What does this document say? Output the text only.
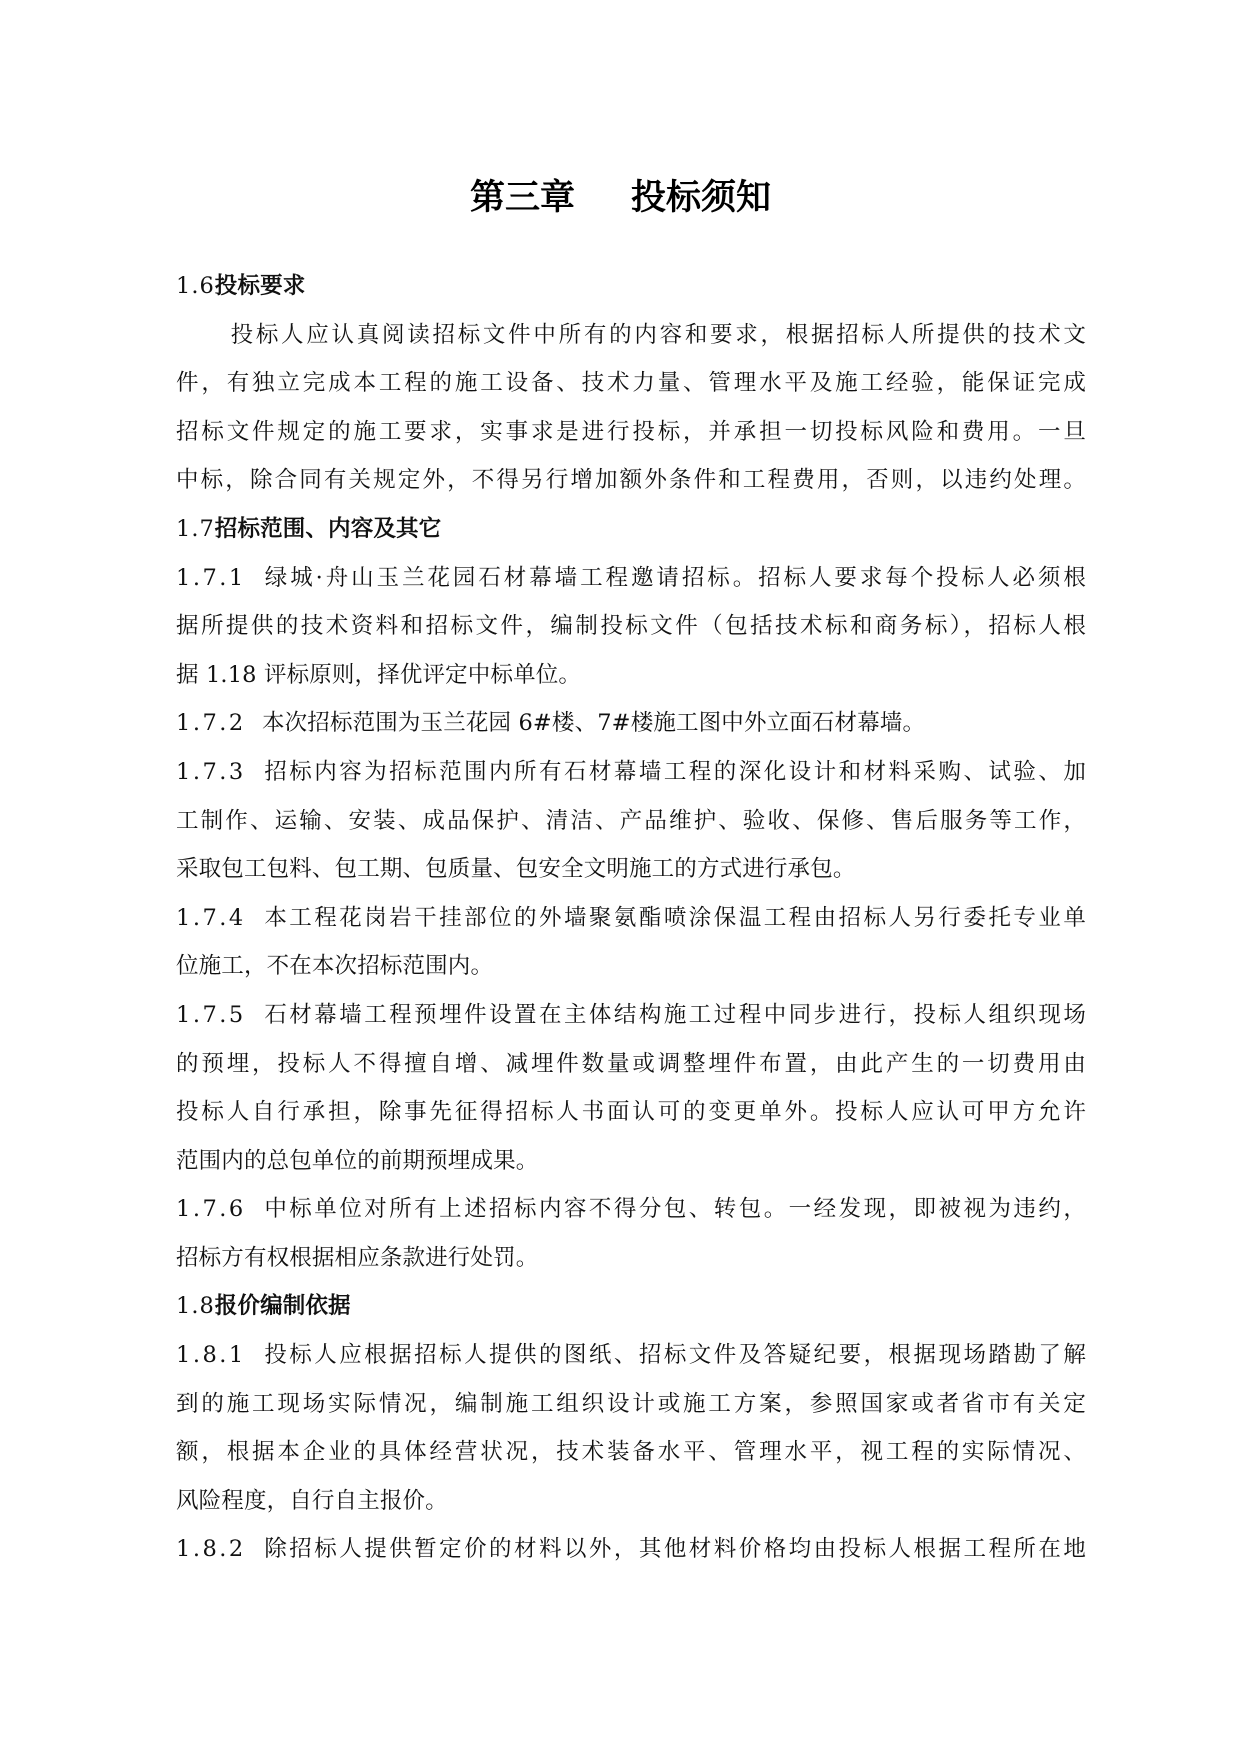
第三章 投标须知

1.6投标要求

投标人应认真阅读招标文件中所有的内容和要求，根据招标人所提供的技术文

件，有独立完成本工程的施工设备、技术力量、管理水平及施工经验，能保证完成

招标文件规定的施工要求，实事求是进行投标，并承担一切投标风险和费用。一旦

中标，除合同有关规定外，不得另行增加额外条件和工程费用，否则，以违约处理。

1.7招标范围、内容及其它

1.7.1 绿城·舟山玉兰花园石材幕墙工程邀请招标。招标人要求每个投标人必须根

据所提供的技术资料和招标文件，编制投标文件（包括技术标和商务标），招标人根

据 1.18 评标原则，择优评定中标单位。

1.7.2 本次招标范围为玉兰花园 6#楼、7#楼施工图中外立面石材幕墙。

1.7.3 招标内容为招标范围内所有石材幕墙工程的深化设计和材料采购、试验、加

工制作、运输、安装、成品保护、清洁、产品维护、验收、保修、售后服务等工作，

采取包工包料、包工期、包质量、包安全文明施工的方式进行承包。

1.7.4 本工程花岗岩干挂部位的外墙聚氨酯喷涂保温工程由招标人另行委托专业单

位施工，不在本次招标范围内。

1.7.5 石材幕墙工程预埋件设置在主体结构施工过程中同步进行，投标人组织现场

的预埋，投标人不得擅自增、减埋件数量或调整埋件布置，由此产生的一切费用由

投标人自行承担，除事先征得招标人书面认可的变更单外。投标人应认可甲方允许

范围内的总包单位的前期预埋成果。

1.7.6 中标单位对所有上述招标内容不得分包、转包。一经发现，即被视为违约，

招标方有权根据相应条款进行处罚。

1.8报价编制依据

1.8.1 投标人应根据招标人提供的图纸、招标文件及答疑纪要，根据现场踏勘了解

到的施工现场实际情况，编制施工组织设计或施工方案，参照国家或者省市有关定

额，根据本企业的具体经营状况，技术装备水平、管理水平，视工程的实际情况、

风险程度，自行自主报价。

1.8.2 除招标人提供暂定价的材料以外，其他材料价格均由投标人根据工程所在地
